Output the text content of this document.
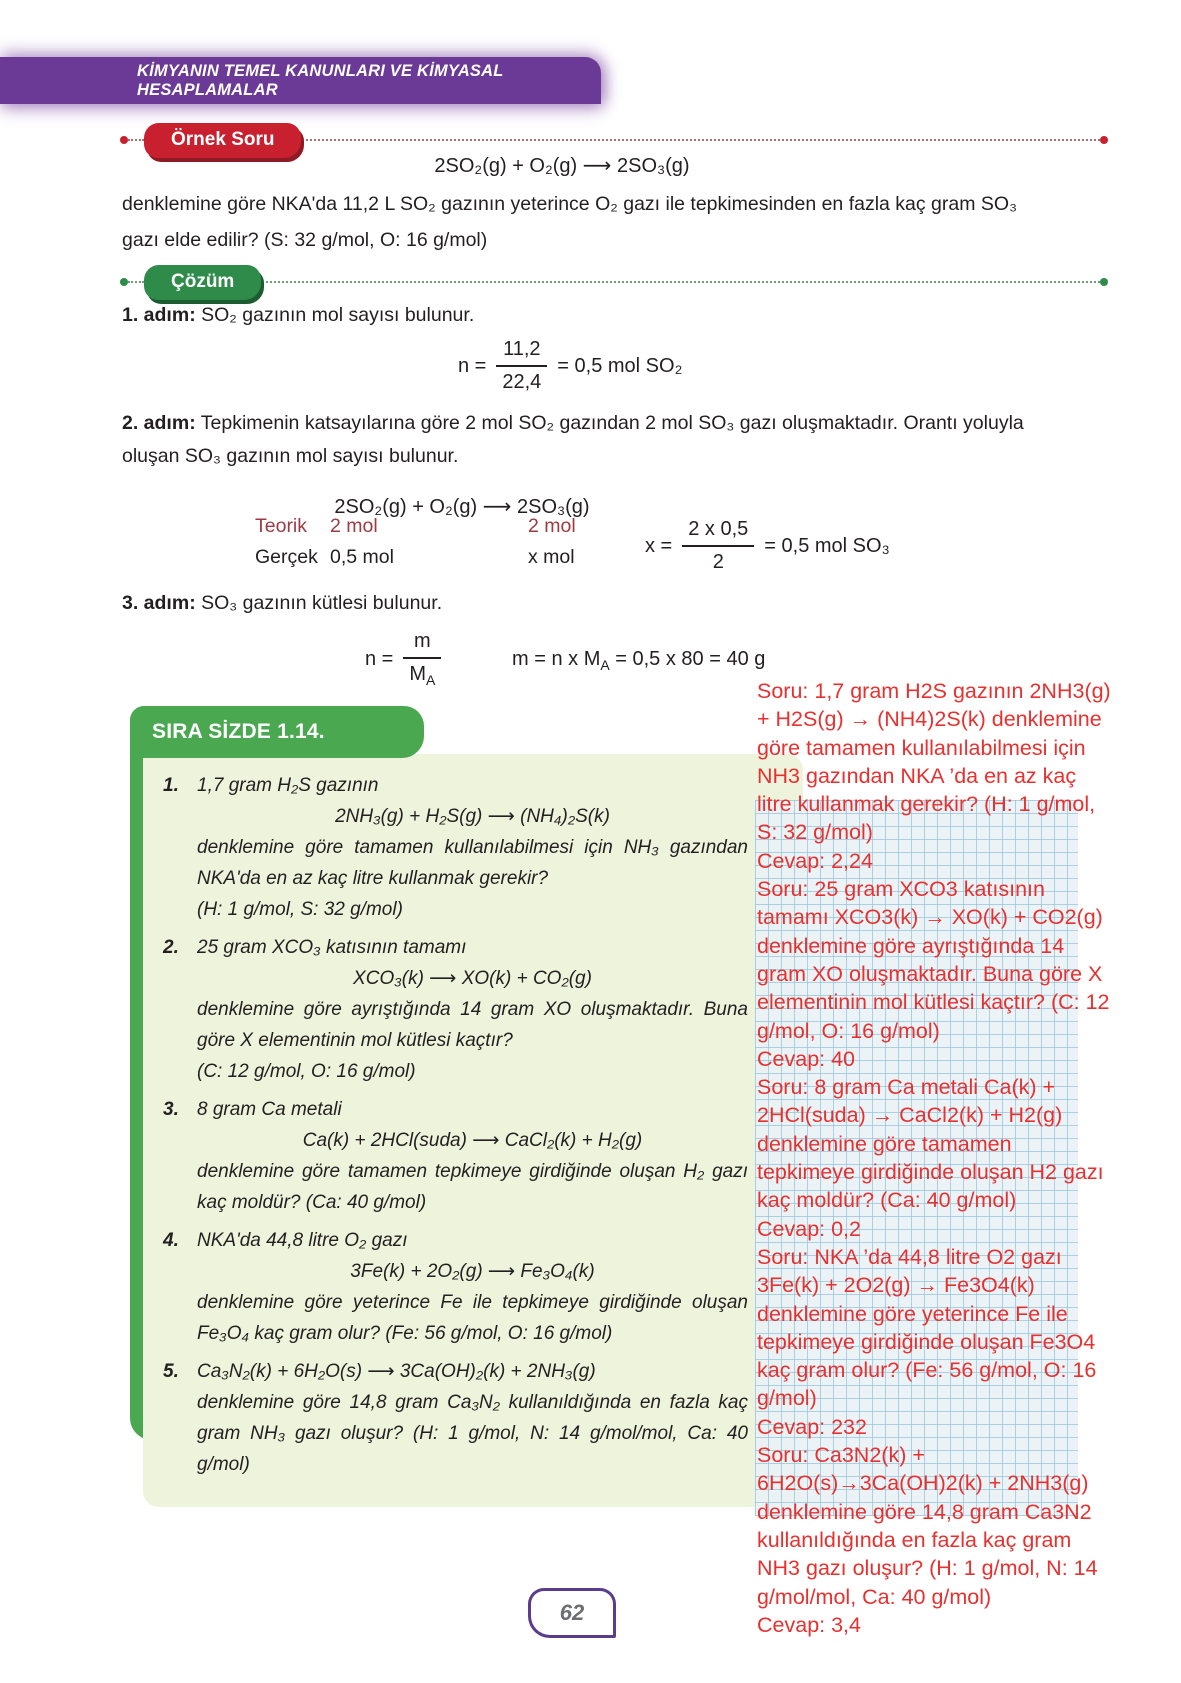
KİMYANIN TEMEL KANUNLARI VE KİMYASAL HESAPLAMALAR
Örnek Soru
2SO₂(g) + O₂(g) ⟶ 2SO₃(g)
denklemine göre NKA'da 11,2 L SO₂ gazının yeterince O₂ gazı ile tepkimesinden en fazla kaç gram SO₃ gazı elde edilir? (S: 32 g/mol, O: 16 g/mol)
Çözüm

1. adım: SO₂ gazının mol sayısı bulunur.

$n = \frac{11,2}{22,4} = 0,5$ mol SO₂

2. adım: Tepkimenin katsayılarına göre 2 mol SO₂ gazından 2 mol SO₃ gazı oluşmaktadır. Orantı yoluyla oluşan SO₃ gazının mol sayısı bulunur.

2SO₂(g) + O₂(g) ⟶ 2SO₃(g)
Teorik 2 mol	2 mol
Gerçek 0,5 mol	x mol
$x = \frac{2 x 0,5}{2} = 0,5$ mol SO₃

3. adım: SO₃ gazının kütlesi bulunur.

$n = \frac{m}{M_A}$	m = n x $M_A = 0,5$ x 80 = 40 g
SIRA SİZDE 1.14.
1. 1,7 gram H₂S gazının
2NH₃(g) + H₂S(g) ⟶ (NH₄)₂S(k)
denklemine göre tamamen kullanılabilmesi için NH₃ gazından NKA'da en az kaç litre kullanmak gerekir?
(H: 1 g/mol, S: 32 g/mol)
2. 25 gram XCO₃ katısının tamamı
XCO₃(k) ⟶ XO(k) + CO₂(g)
denklemine göre ayrıştığında 14 gram XO oluşmaktadır. Buna göre X elementinin mol kütlesi kaçtır?
(C: 12 g/mol, O: 16 g/mol)
3. 8 gram Ca metali
Ca(k) + 2HCl(suda) ⟶ CaCl₂(k) + H₂(g)
denklemine göre tamamen tepkimeye girdiğinde oluşan H₂ gazı kaç moldür? (Ca: 40 g/mol)
4. NKA'da 44,8 litre O₂ gazı
3Fe(k) + 2O₂(g) ⟶ Fe₃O₄(k)
denklemine göre yeterince Fe ile tepkimeye girdiğinde oluşan Fe₃O₄ kaç gram olur? (Fe: 56 g/mol, O: 16 g/mol)
5. Ca₃N₂(k) + 6H₂O(s) ⟶ 3Ca(OH)₂(k) + 2NH₃(g)
denklemine göre 14,8 gram Ca₃N₂ kullanıldığında en fazla kaç gram NH₃ gazı oluşur? (H: 1 g/mol, N: 14 g/mol/mol, Ca: 40 g/mol)

Soru: 1,7 gram H2S gazının 2NH3(g) + H2S(g) → (NH4)2S(k) denklemine göre tamamen kullanılabilmesi için NH3 gazından NKA ’da en az kaç litre kullanmak gerekir? (H: 1 g/mol, S: 32 g/mol)

Cevap: 2,24

Soru: 25 gram XCO3 katısının tamamı XCO3(k) → XO(k) + CO2(g) denklemine göre ayrıştığında 14 gram XO oluşmaktadır. Buna göre X elementinin mol kütlesi kaçtır? (C: 12 g/mol, O: 16 g/mol)

Cevap: 40

Soru: 8 gram Ca metali Ca(k) + 2HCl(suda) → CaCl2(k) + H2(g) denklemine göre tamamen tepkimeye girdiğinde oluşan H2 gazı kaç moldür? (Ca: 40 g/mol)

Cevap: 0,2

Soru: NKA ’da 44,8 litre O2 gazı 3Fe(k) + 2O2(g) → Fe3O4(k) denklemine göre yeterince Fe ile tepkimeye girdiğinde oluşan Fe3O4 kaç gram olur? (Fe: 56 g/mol, O: 16 g/mol)

Cevap: 232

Soru: Ca3N2(k) + 6H2O(s)→3Ca(OH)2(k) + 2NH3(g) denklemine göre 14,8 gram Ca3N2 kullanıldığında en fazla kaç gram NH3 gazı oluşur? (H: 1 g/mol, N: 14 g/mol/mol, Ca: 40 g/mol)

Cevap: 3,4

62
